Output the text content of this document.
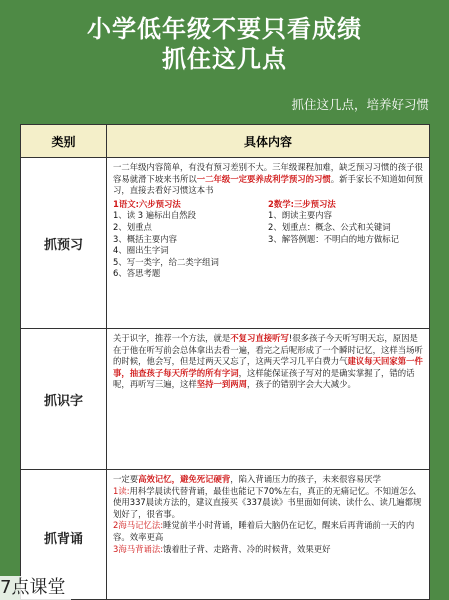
小学低年级不要只看成绩
抓住这几点
抓住这几点，培养好习惯
类别	具体内容
抓预习
一二年级内容简单，有没有预习差别不大。三年级课程加难，缺乏预习习惯的孩子很容易就滑下坡来书所以一二年级一定要养成利学预习的习惯。新手家长不知道如何预习，直接去看好习惯这本书
1语文:六步预习法
1、读 3 遍标出自然段
2、划重点
3、概括主要内容
4、圈出生字词
5、写一类字，给二类字组词
6、答思考题
2数学:三步预习法
1、朗读主要内容
2、划重点：概念、公式和关键词
3、解答例题：不明白的地方做标记
抓识字
关于识字，推荐一个方法，就是不复习直接听写!很多孩子今天听写明天忘，原因是在于他在听写前会总体拿出去看一遍，看完之后呢形成了一个瞬时记忆，这样当场听的时候，他会写，但是过两天又忘了，这两天学习几平白费力气建议每天回家第一件事，抽查孩子每天所学的所有字词，这样能保证孩子写对的是确实掌握了，错的话呢，再听写三遍，这样坚持一到两周，孩子的错别字会大大减少。
抓背诵
一定要高效记忆，避免死记硬背，陷入背诵压力的孩子，未来很容易厌学
1读:用科学晨读代替背诵，最佳也能记下70%左右，真正的无痛记忆。不知道怎么使用337晨读方法的，建议直接买《337晨读》书里面如何读、读什么、读几遍都规划好了，很省事。
2海马记忆法:睡觉前半小时背诵，睡着后大脑仍在记忆，醒来后再背诵前一天的内容。效率更高
3海马背诵法:饿着肚子背、走路背、冷的时候背，效果更好
7点课堂
